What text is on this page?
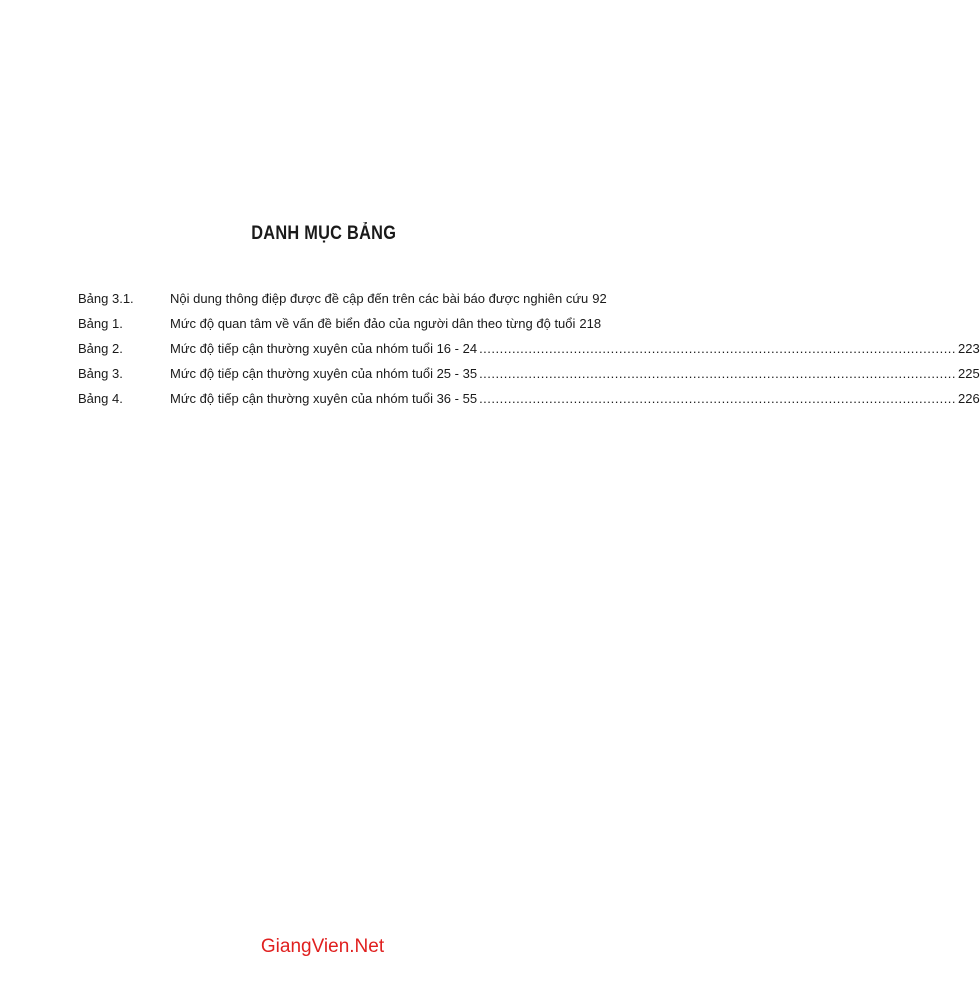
DANH MỤC BẢNG
Bảng 3.1.	Nội dung thông điệp được đề cập đến trên các bài báo được nghiên cứu 92
Bảng 1.	Mức độ quan tâm về vấn đề biển đảo của người dân theo từng độ tuổi 218
Bảng 2.	Mức độ tiếp cận thường xuyên của nhóm tuổi 16 - 24 .................................................................................................................... 223
Bảng 3.	Mức độ tiếp cận thường xuyên của nhóm tuổi 25 - 35 .................................................................................................................... 225
Bảng 4.	Mức độ tiếp cận thường xuyên của nhóm tuổi 36 - 55 .................................................................................................................... 226
GiangVien.Net
